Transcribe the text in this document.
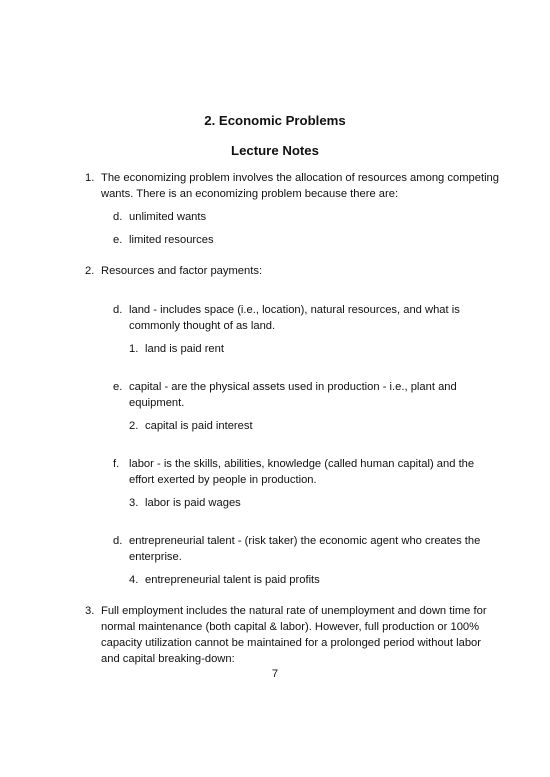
2. Economic Problems
Lecture Notes
1. The economizing problem involves the allocation of resources among competing
wants. There is an economizing problem because there are:
d. unlimited wants
e. limited resources
2. Resources and factor payments:
d. land - includes space (i.e., location), natural resources, and what is
commonly thought of as land.
1. land is paid rent
e. capital - are the physical assets used in production - i.e., plant and
equipment.
2. capital is paid interest
f. labor - is the skills, abilities, knowledge (called human capital) and the
effort exerted by people in production.
3. labor is paid wages
d. entrepreneurial talent - (risk taker) the economic agent who creates the
enterprise.
4. entrepreneurial talent is paid profits
3. Full employment includes the natural rate of unemployment and down time for
normal maintenance (both capital & labor). However, full production or 100%
capacity utilization cannot be maintained for a prolonged period without labor
and capital breaking-down:
7
